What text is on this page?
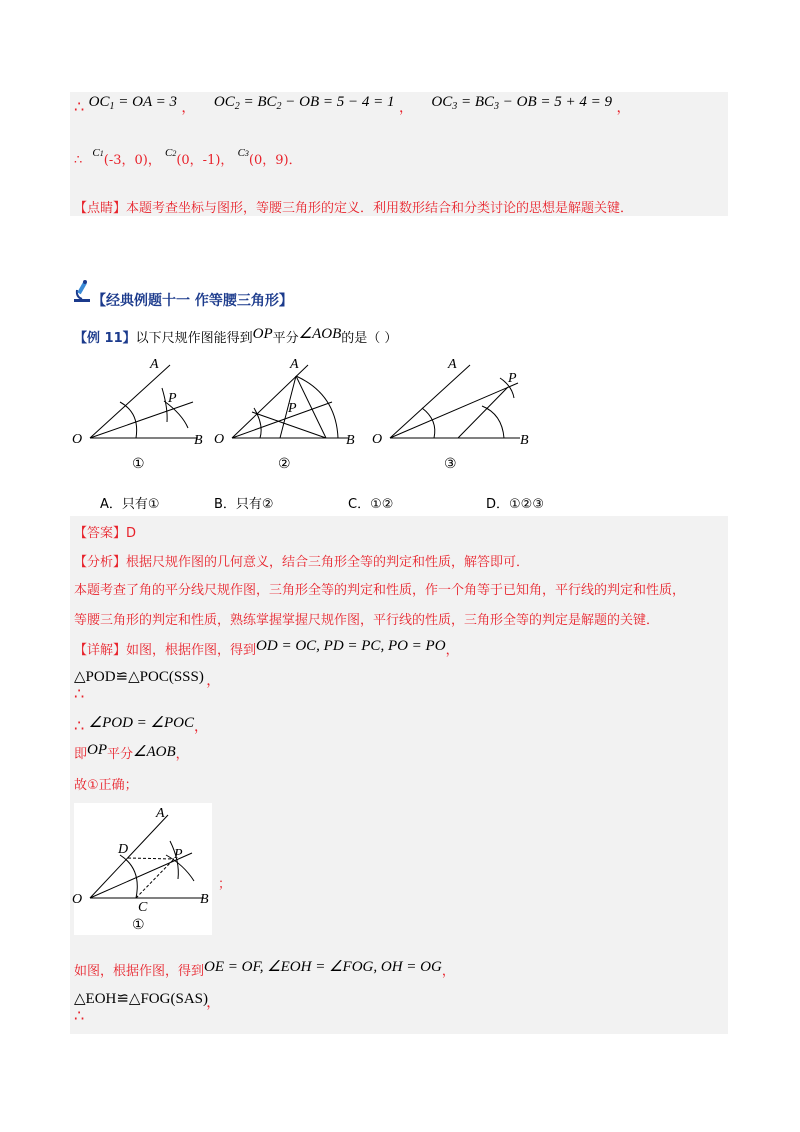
∴ $OC_1$ = OA = 3 ， $OC_2 = BC_2$ − OB = 5 − 4 = 1 ， $OC_3 = BC_3$ − OB = 5 + 4 = 9 ，
∴ C1(-3，0)， C2(0，-1)， C3(0，9)．
【点睛】本题考查坐标与图形，等腰三角形的定义．利用数形结合和分类讨论的思想是解题关键．
【经典例题十一 作等腰三角形】
【例 11】以下尺规作图能得到OP平分∠AOB的是（ ）
A
P
O	B
A
P
O	B
A
P
O	B
①	②	③
A．只有①	B．只有②	C．①②	D．①②③
【答案】D
【分析】根据尺规作图的几何意义，结合三角形全等的判定和性质，解答即可．
本题考查了角的平分线尺规作图，三角形全等的判定和性质，作一个角等于已知角，平行线的判定和性质，
等腰三角形的判定和性质，熟练掌握掌握尺规作图，平行线的性质，三角形全等的判定是解题的关键．
【详解】如图，根据作图，得到OD = OC, PD = PC, PO = PO，
△POD≌△POC(SSS)
∴，
∴ ∠POD = ∠POC，
即OP平分∠AOB，
故①正确；
A
D	P
O
C
B
①
；
如图，根据作图，得到OE = OF, ∠EOH = ∠FOG, OH = OG，
△EOH≌△FOG(SAS)
∴，
